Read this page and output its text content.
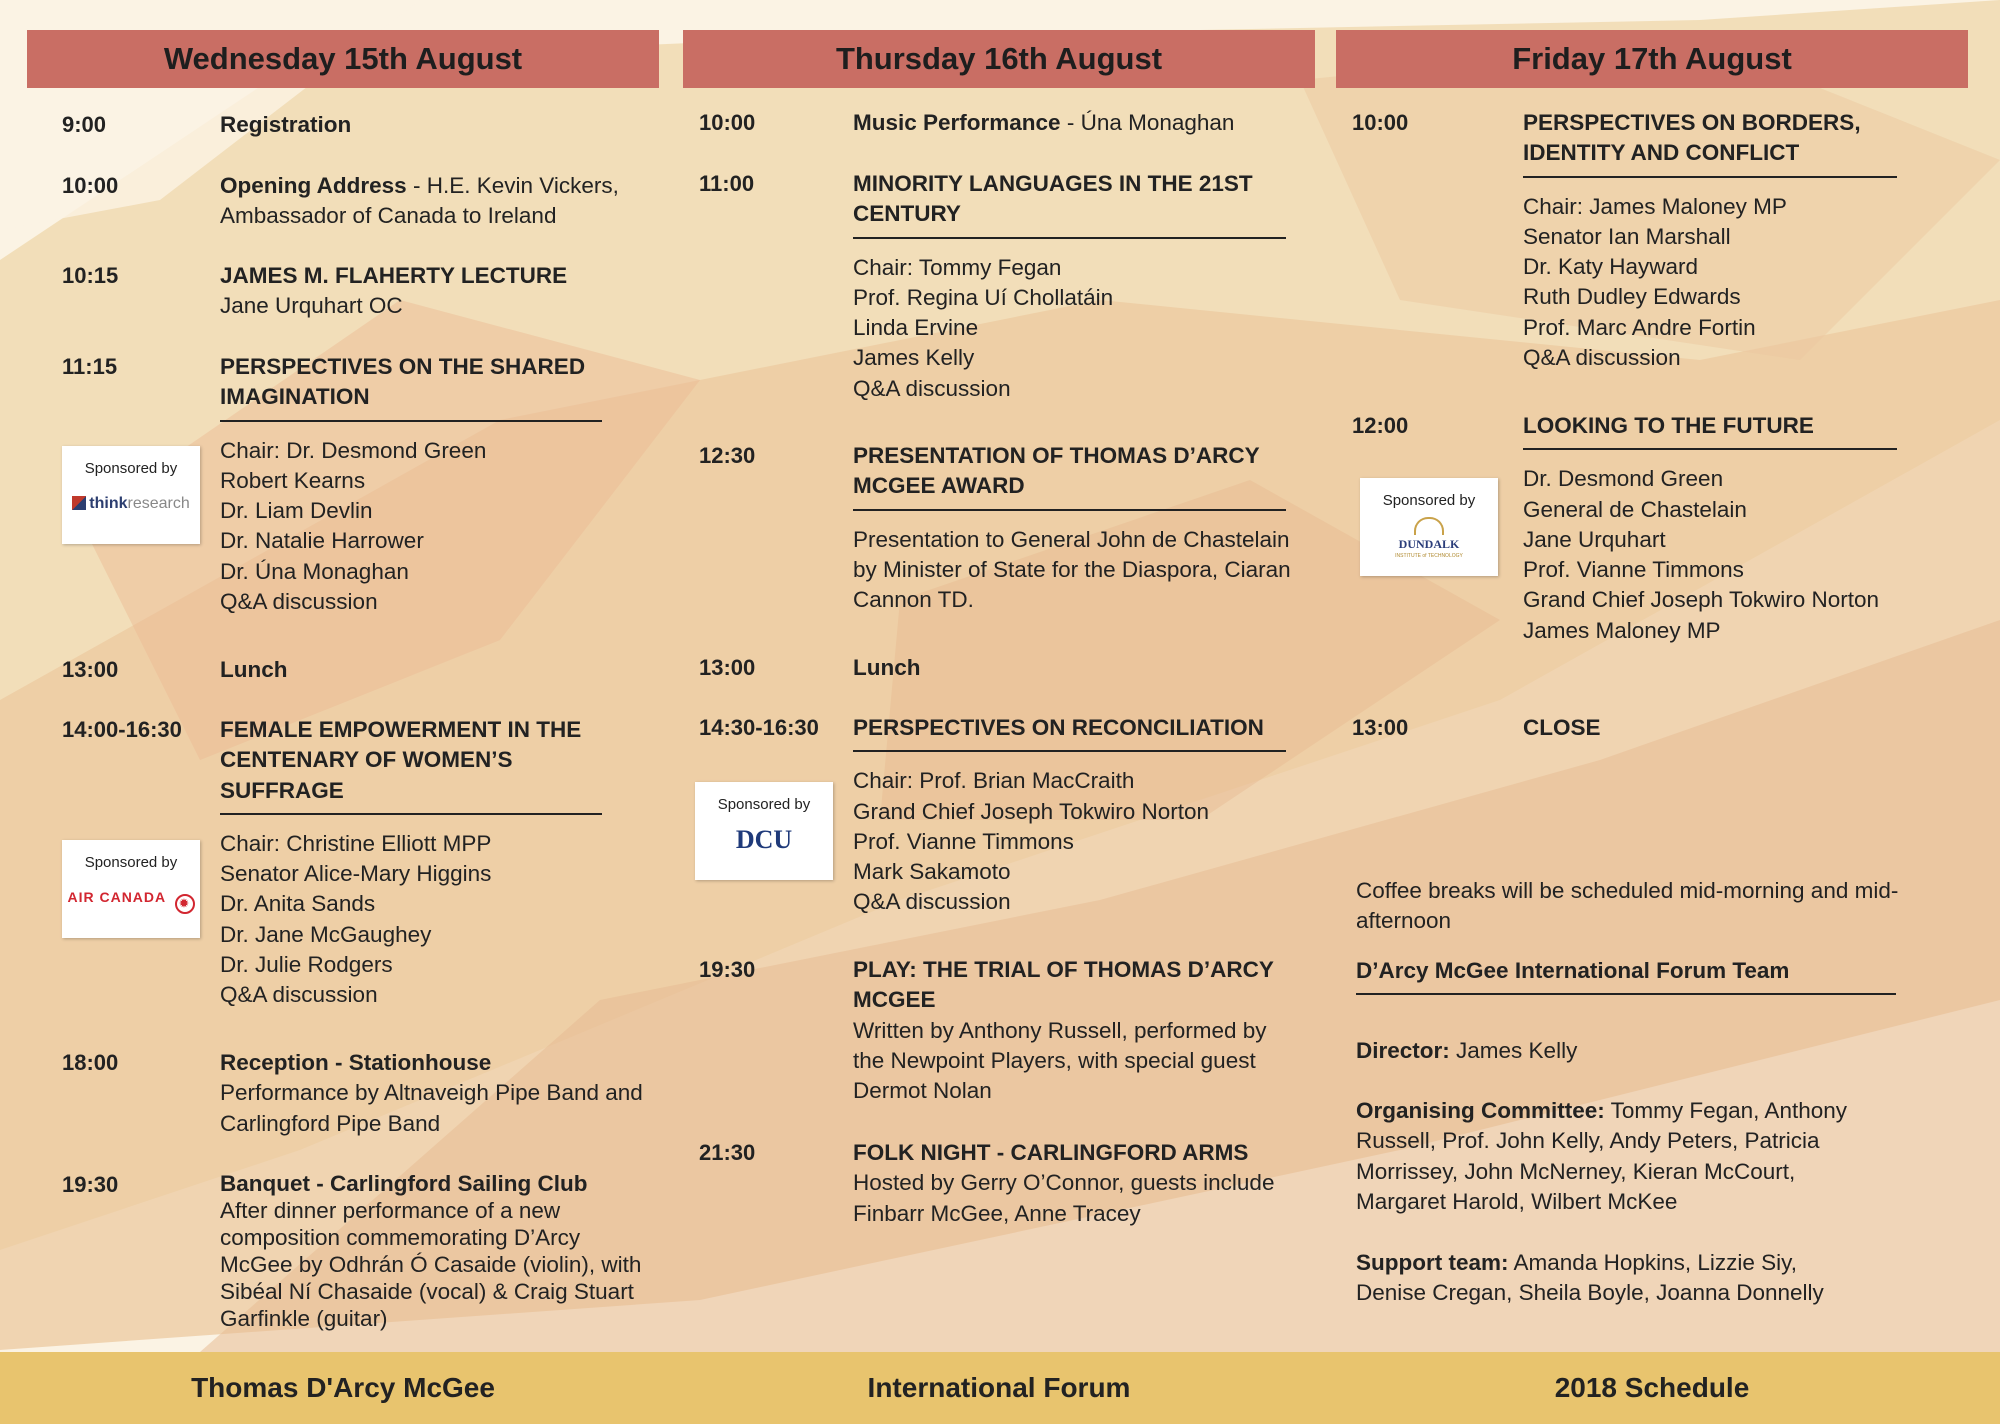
Wednesday 15th August
9:00	Registration
10:00	Opening Address - H.E. Kevin Vickers, Ambassador of Canada to Ireland
10:15	JAMES M. FLAHERTY LECTURE
Jane Urquhart OC
11:15	PERSPECTIVES ON THE SHARED IMAGINATION
Chair: Dr. Desmond Green
Robert Kearns
Dr. Liam Devlin
Dr. Natalie Harrower
Dr. Úna Monaghan
Q&A discussion
13:00	Lunch
14:00-16:30 FEMALE EMPOWERMENT IN THE CENTENARY OF WOMEN’S SUFFRAGE
Chair: Christine Elliott MPP
Senator Alice-Mary Higgins
Dr. Anita Sands
Dr. Jane McGaughey
Dr. Julie Rodgers
Q&A discussion
18:00	Reception - Stationhouse
Performance by Altnaveigh Pipe Band and Carlingford Pipe Band
19:30	Banquet - Carlingford Sailing Club
After dinner performance of a new composition commemorating D’Arcy McGee by Odhrán Ó Casaide (violin), with Sibéal Ní Chasaide (vocal) & Craig Stuart Garfinkle (guitar)
Sponsored by
thinkresearch
Sponsored by
AIR CANADA ✹
Thursday 16th August
10:00	Music Performance - Úna Monaghan
11:00	MINORITY LANGUAGES IN THE 21ST CENTURY
Chair: Tommy Fegan
Prof. Regina Uí Chollatáin
Linda Ervine
James Kelly
Q&A discussion
12:30	PRESENTATION OF THOMAS D’ARCY MCGEE AWARD
Presentation to General John de Chastelain by Minister of State for the Diaspora, Ciaran Cannon TD.
13:00	Lunch
14:30-16:30 PERSPECTIVES ON RECONCILIATION
Chair: Prof. Brian MacCraith
Grand Chief Joseph Tokwiro Norton
Prof. Vianne Timmons
Mark Sakamoto
Q&A discussion
19:30	PLAY: THE TRIAL OF THOMAS D’ARCY MCGEE
Written by Anthony Russell, performed by the Newpoint Players, with special guest Dermot Nolan
21:30	FOLK NIGHT - CARLINGFORD ARMS
Hosted by Gerry O’Connor, guests include Finbarr McGee, Anne Tracey
Sponsored by
DCU
Friday 17th August
10:00	PERSPECTIVES ON BORDERS, IDENTITY AND CONFLICT
Chair: James Maloney MP
Senator Ian Marshall
Dr. Katy Hayward
Ruth Dudley Edwards
Prof. Marc Andre Fortin
Q&A discussion
12:00	LOOKING TO THE FUTURE
Dr. Desmond Green
General de Chastelain
Jane Urquhart
Prof. Vianne Timmons
Grand Chief Joseph Tokwiro Norton
James Maloney MP
13:00	CLOSE
Sponsored by
DUNDALK
INSTITUTE of TECHNOLOGY
Coffee breaks will be scheduled mid-morning and mid-afternoon
D’Arcy McGee International Forum Team
Director: James Kelly
Organising Committee: Tommy Fegan, Anthony Russell, Prof. John Kelly, Andy Peters, Patricia Morrissey, John McNerney, Kieran McCourt, Margaret Harold, Wilbert McKee
Support team: Amanda Hopkins, Lizzie Siy, Denise Cregan, Sheila Boyle, Joanna Donnelly
Thomas D'Arcy McGee	International Forum	2018 Schedule
